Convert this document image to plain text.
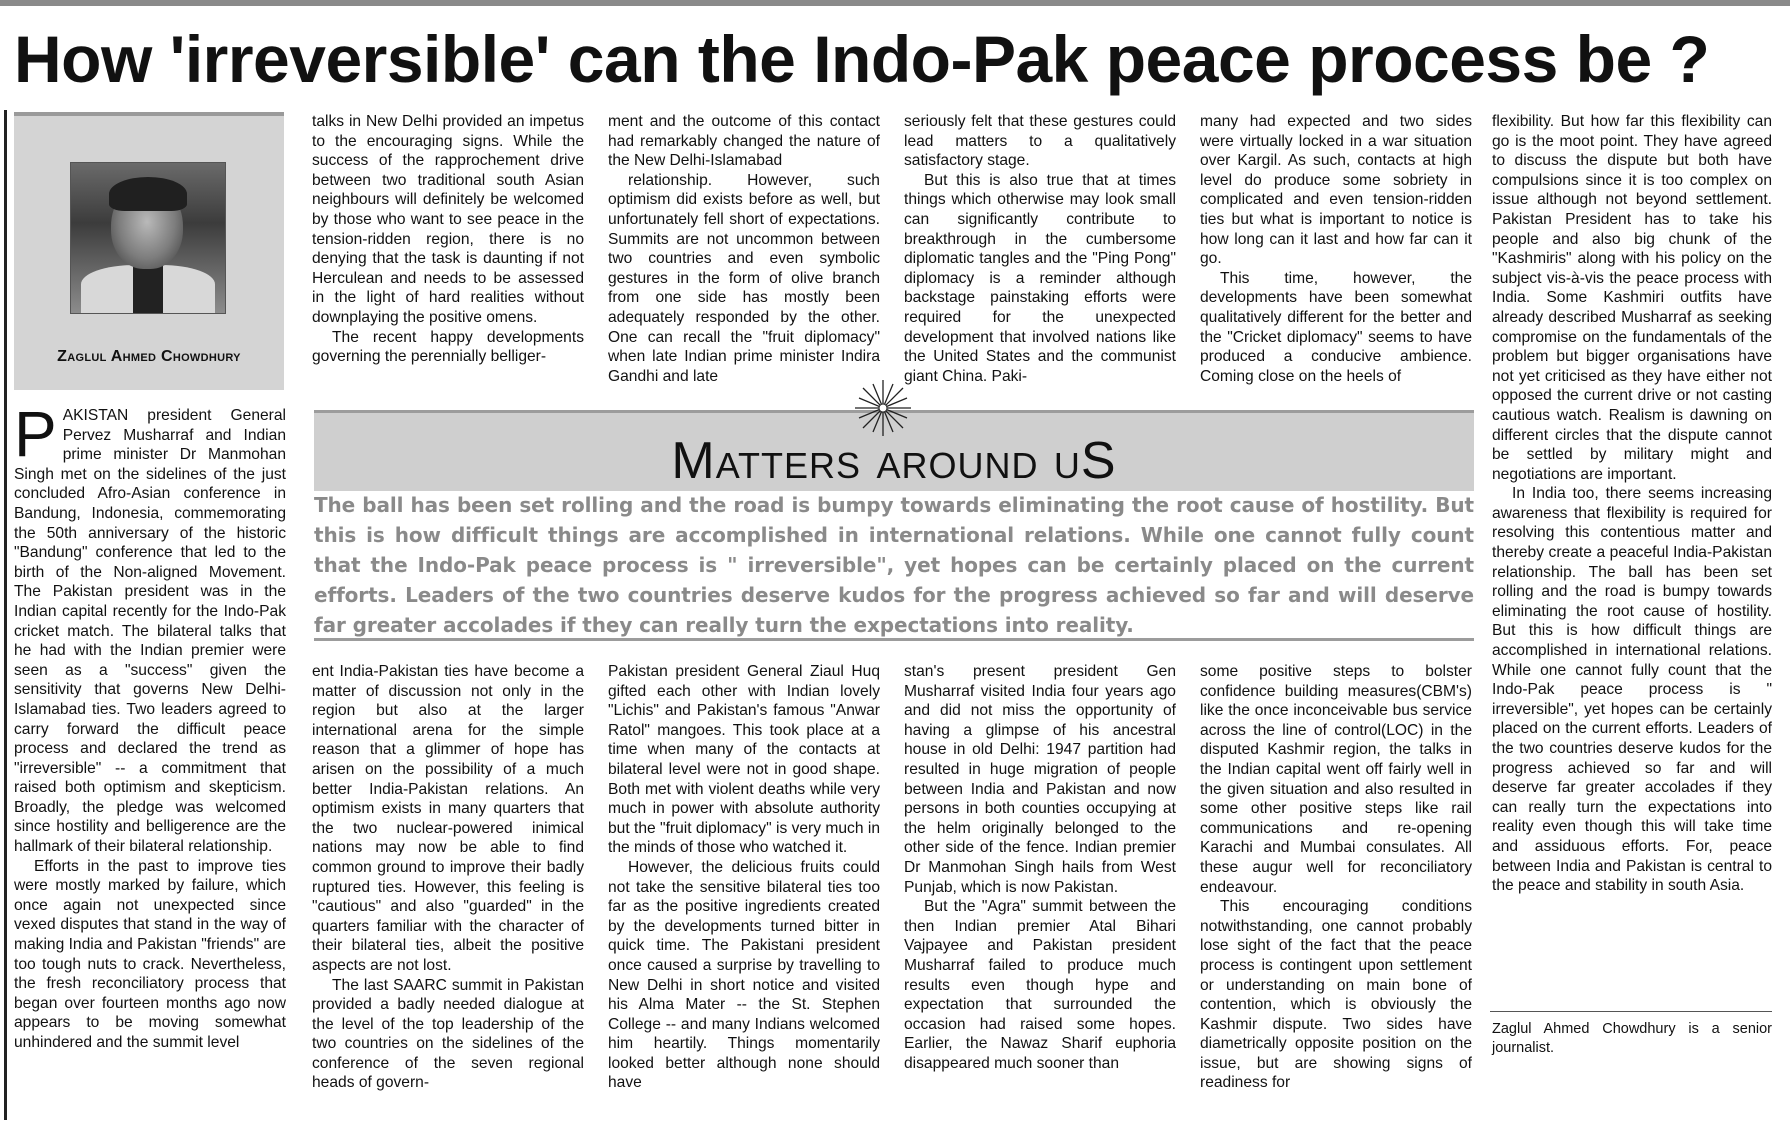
How 'irreversible' can the Indo-Pak peace process be ?
Zaglul Ahmed Chowdhury
P AKISTAN president General Pervez Musharraf and Indian prime minister Dr Manmohan Singh met on the sidelines of the just concluded Afro-Asian conference in Bandung, Indonesia, commemorating the 50th anniversary of the historic "Bandung" conference that led to the birth of the Non-aligned Movement. The Pakistan president was in the Indian capital recently for the Indo-Pak cricket match. The bilateral talks that he had with the Indian premier were seen as a "success" given the sensitivity that governs New Delhi-Islamabad ties. Two leaders agreed to carry forward the difficult peace process and declared the trend as "irreversible" -- a commitment that raised both optimism and skepticism. Broadly, the pledge was welcomed since hostility and belligerence are the hallmark of their bilateral relationship.

Efforts in the past to improve ties were mostly marked by failure, which once again not unexpected since vexed disputes that stand in the way of making India and Pakistan "friends" are too tough nuts to crack. Nevertheless, the fresh reconciliatory process that began over fourteen months ago now appears to be moving somewhat unhindered and the summit level

talks in New Delhi provided an impetus to the encouraging signs. While the success of the rapprochement drive between two traditional south Asian neighbours will definitely be welcomed by those who want to see peace in the tension-ridden region, there is no denying that the task is daunting if not Herculean and needs to be assessed in the light of hard realities without downplaying the positive omens.

The recent happy developments governing the perennially belliger-

ment and the outcome of this contact had remarkably changed the nature of the New Delhi-Islamabad

relationship. However, such optimism did exists before as well, but unfortunately fell short of expectations. Summits are not uncommon between two countries and even symbolic gestures in the form of olive branch from one side has mostly been adequately responded by the other. One can recall the "fruit diplomacy" when late Indian prime minister Indira Gandhi and late

seriously felt that these gestures could lead matters to a qualitatively satisfactory stage.

But this is also true that at times things which otherwise may look small can significantly contribute to breakthrough in the cumbersome diplomatic tangles and the "Ping Pong" diplomacy is a reminder although backstage painstaking efforts were required for the unexpected development that involved nations like the United States and the communist giant China. Paki-

many had expected and two sides were virtually locked in a war situation over Kargil. As such, contacts at high level do produce some sobriety in complicated and even tension-ridden ties but what is important to notice is how long can it last and how far can it go.

This time, however, the developments have been somewhat qualitatively different for the better and the "Cricket diplomacy" seems to have produced a conducive ambience. Coming close on the heels of

Matters around uS
The ball has been set rolling and the road is bumpy towards eliminating the root cause of hostility. But this is how difficult things are accomplished in international relations. While one cannot fully count that the Indo-Pak peace process is " irreversible", yet hopes can be certainly placed on the current efforts. Leaders of the two countries deserve kudos for the progress achieved so far and will deserve far greater accolades if they can really turn the expectations into reality.

ent India-Pakistan ties have become a matter of discussion not only in the region but also at the larger international arena for the simple reason that a glimmer of hope has arisen on the possibility of a much better India-Pakistan relations. An optimism exists in many quarters that the two nuclear-powered inimical nations may now be able to find common ground to improve their badly ruptured ties. However, this feeling is "cautious" and also "guarded" in the quarters familiar with the character of their bilateral ties, albeit the positive aspects are not lost.

The last SAARC summit in Pakistan provided a badly needed dialogue at the level of the top leadership of the two countries on the sidelines of the conference of the seven regional heads of govern-

Pakistan president General Ziaul Huq gifted each other with Indian lovely "Lichis" and Pakistan's famous "Anwar Ratol" mangoes. This took place at a time when many of the contacts at bilateral level were not in good shape. Both met with violent deaths while very much in power with absolute authority but the "fruit diplomacy" is very much in the minds of those who watched it.

However, the delicious fruits could not take the sensitive bilateral ties too far as the positive ingredients created by the developments turned bitter in quick time. The Pakistani president once caused a surprise by travelling to New Delhi in short notice and visited his Alma Mater -- the St. Stephen College -- and many Indians welcomed him heartily. Things momentarily looked better although none should have

stan's present president Gen Musharraf visited India four years ago and did not miss the opportunity of having a glimpse of his ancestral house in old Delhi: 1947 partition had resulted in huge migration of people between India and Pakistan and now persons in both counties occupying at the helm originally belonged to the other side of the fence. Indian premier Dr Manmohan Singh hails from West Punjab, which is now Pakistan.

But the "Agra" summit between the then Indian premier Atal Bihari Vajpayee and Pakistan president Musharraf failed to produce much results even though hype and expectation that surrounded the occasion had raised some hopes. Earlier, the Nawaz Sharif euphoria disappeared much sooner than

some positive steps to bolster confidence building measures(CBM's) like the once inconceivable bus service across the line of control(LOC) in the disputed Kashmir region, the talks in the Indian capital went off fairly well in the given situation and also resulted in some other positive steps like rail communications and re-opening Karachi and Mumbai consulates. All these augur well for reconciliatory endeavour.

This encouraging conditions notwithstanding, one cannot probably lose sight of the fact that the peace process is contingent upon settlement or understanding on main bone of contention, which is obviously the Kashmir dispute. Two sides have diametrically opposite position on the issue, but are showing signs of readiness for

flexibility. But how far this flexibility can go is the moot point. They have agreed to discuss the dispute but both have compulsions since it is too complex on issue although not beyond settlement. Pakistan President has to take his people and also big chunk of the "Kashmiris" along with his policy on the subject vis-à-vis the peace process with India. Some Kashmiri outfits have already described Musharraf as seeking compromise on the fundamentals of the problem but bigger organisations have not yet criticised as they have either not opposed the current drive or not casting cautious watch. Realism is dawning on different circles that the dispute cannot be settled by military might and negotiations are important.

In India too, there seems increasing awareness that flexibility is required for resolving this contentious matter and thereby create a peaceful India-Pakistan relationship. The ball has been set rolling and the road is bumpy towards eliminating the root cause of hostility. But this is how difficult things are accomplished in international relations. While one cannot fully count that the Indo-Pak peace process is " irreversible", yet hopes can be certainly placed on the current efforts. Leaders of the two countries deserve kudos for the progress achieved so far and will deserve far greater accolades if they can really turn the expectations into reality even though this will take time and assiduous efforts. For, peace between India and Pakistan is central to the peace and stability in south Asia.

Zaglul Ahmed Chowdhury is a senior journalist.
